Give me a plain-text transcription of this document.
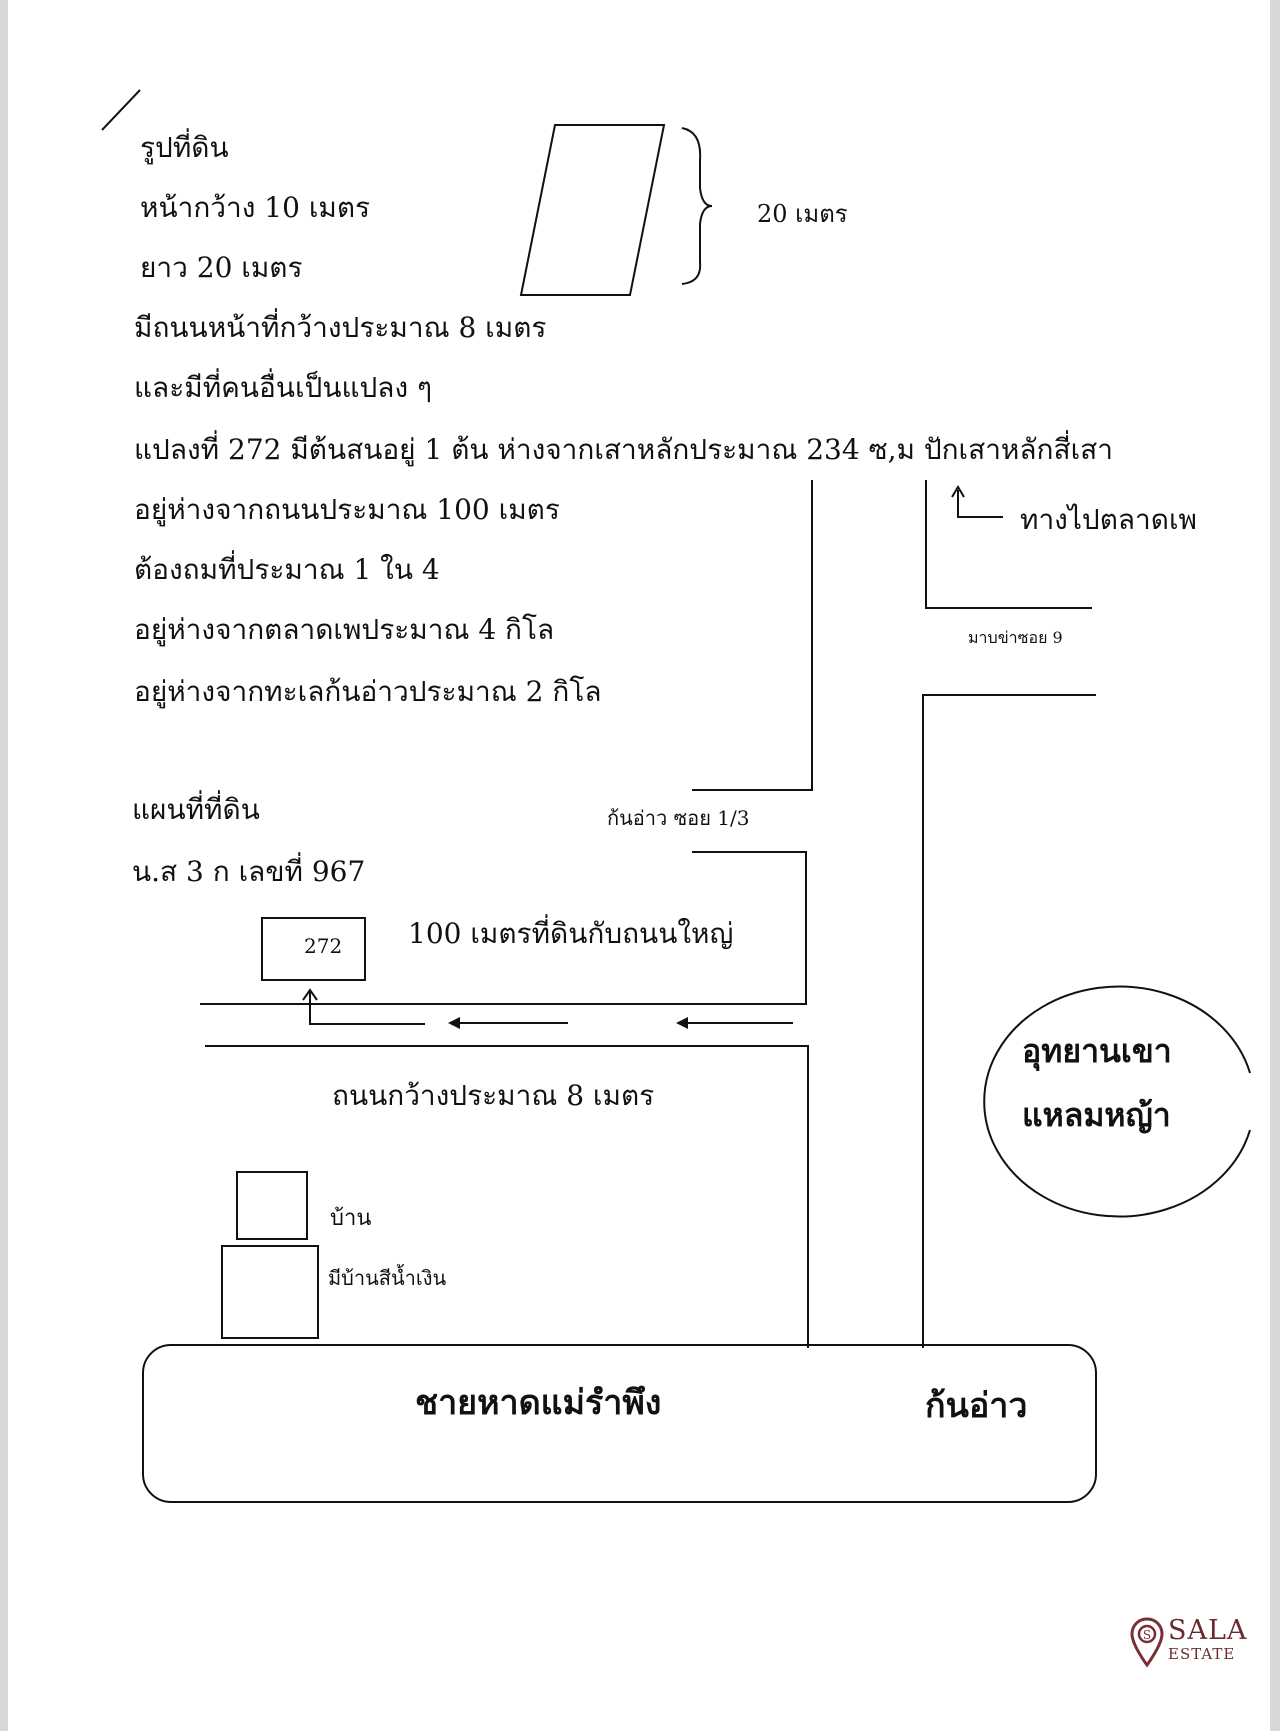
รูปที่ดิน
หน้ากว้าง 10 เมตร
ยาว 20 เมตร
มีถนนหน้าที่กว้างประมาณ 8 เมตร
และมีที่คนอื่นเป็นแปลง ๆ
แปลงที่ 272 มีต้นสนอยู่ 1 ต้น ห่างจากเสาหลักประมาณ 234 ซ,ม ปักเสาหลักสี่เสา
อยู่ห่างจากถนนประมาณ 100 เมตร
ต้องถมที่ประมาณ 1 ใน 4
อยู่ห่างจากตลาดเพประมาณ 4 กิโล
อยู่ห่างจากทะเลก้นอ่าวประมาณ 2 กิโล
20 เมตร
แผนที่ที่ดิน
น.ส 3 ก เลขที่ 967
272 100 เมตรที่ดินกับถนนใหญ่
ถนนกว้างประมาณ 8 เมตร
ก้นอ่าว ซอย 1/3
ทางไปตลาดเพ
มาบข่าซอย 9
อุทยานเขา
แหลมหญ้า
บ้าน
มีบ้านสีน้ำเงิน
ชายหาดแม่รำพึง	ก้นอ่าว
S SALA
ESTATE
